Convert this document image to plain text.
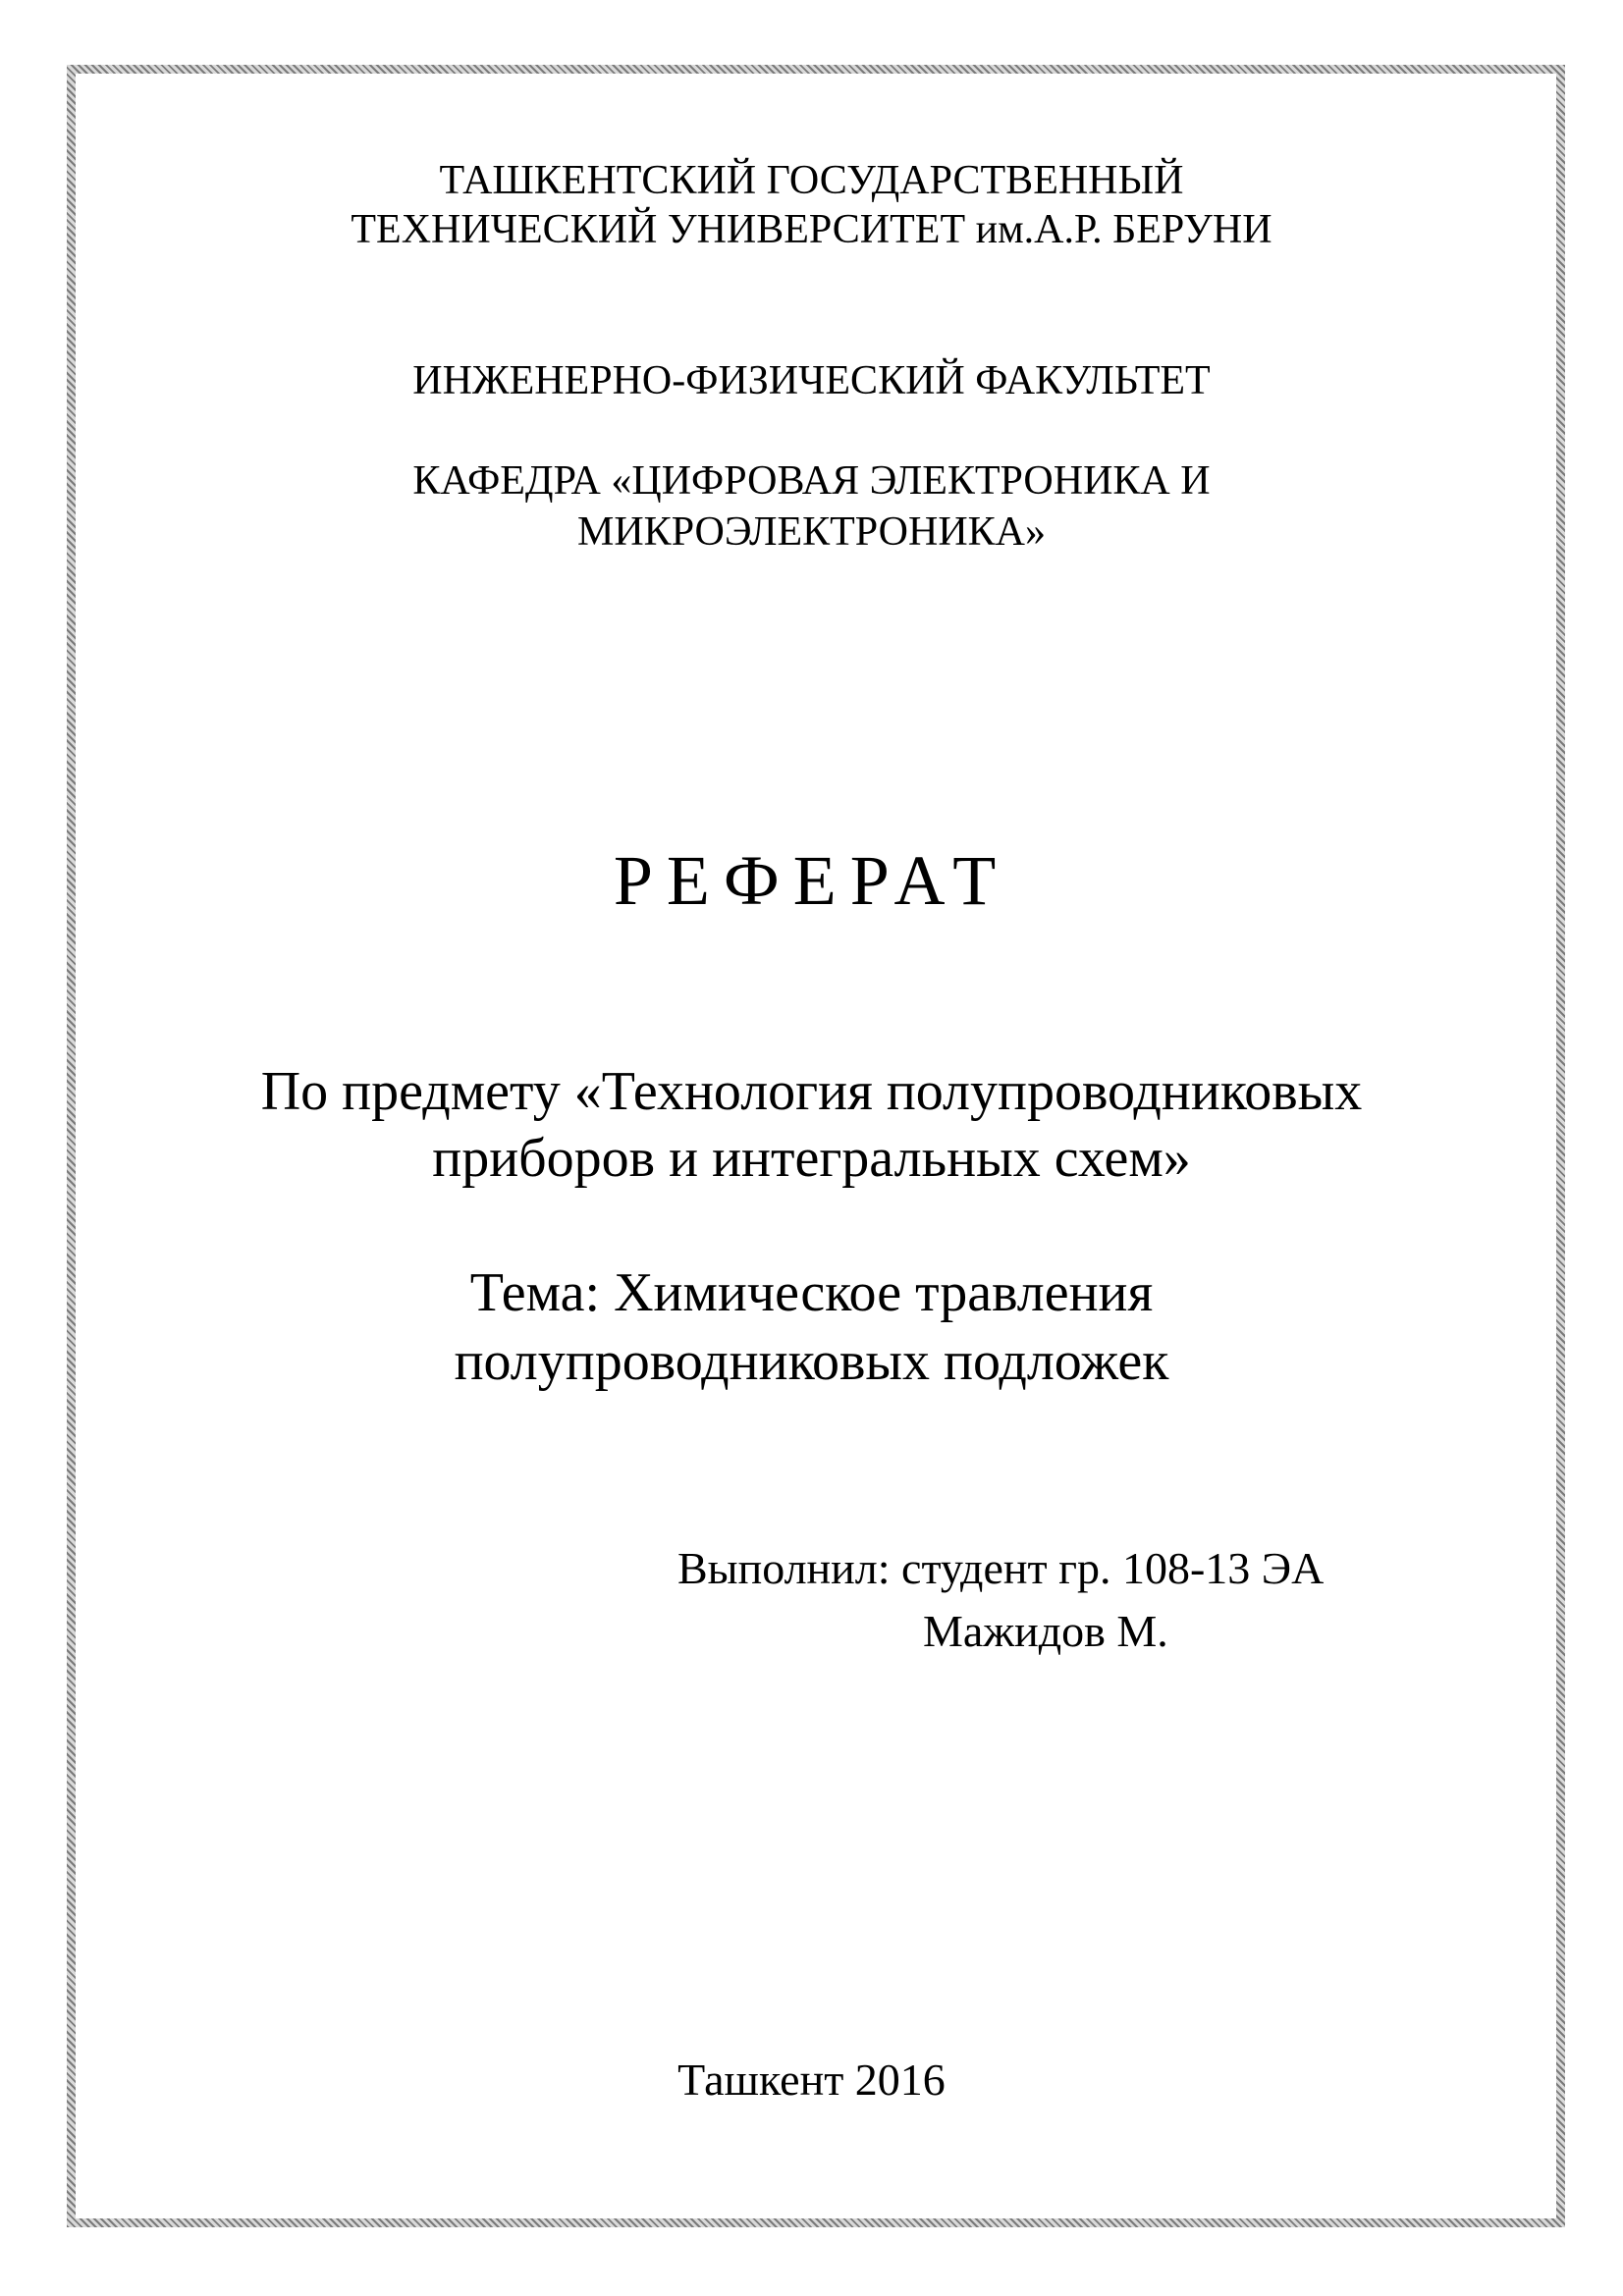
ТАШКЕНТСКИЙ ГОСУДАРСТВЕННЫЙ
ТЕХНИЧЕСКИЙ УНИВЕРСИТЕТ им.А.Р. БЕРУНИ
ИНЖЕНЕРНО-ФИЗИЧЕСКИЙ ФАКУЛЬТЕТ
КАФЕДРА «ЦИФРОВАЯ ЭЛЕКТРОНИКА И
МИКРОЭЛЕКТРОНИКА»
РЕФЕРАТ
По предмету «Технология полупроводниковых
приборов и интегральных схем»
Тема: Химическое травления
полупроводниковых подложек
Выполнил: студент гр. 108-13 ЭА
Мажидов М.
Ташкент 2016
